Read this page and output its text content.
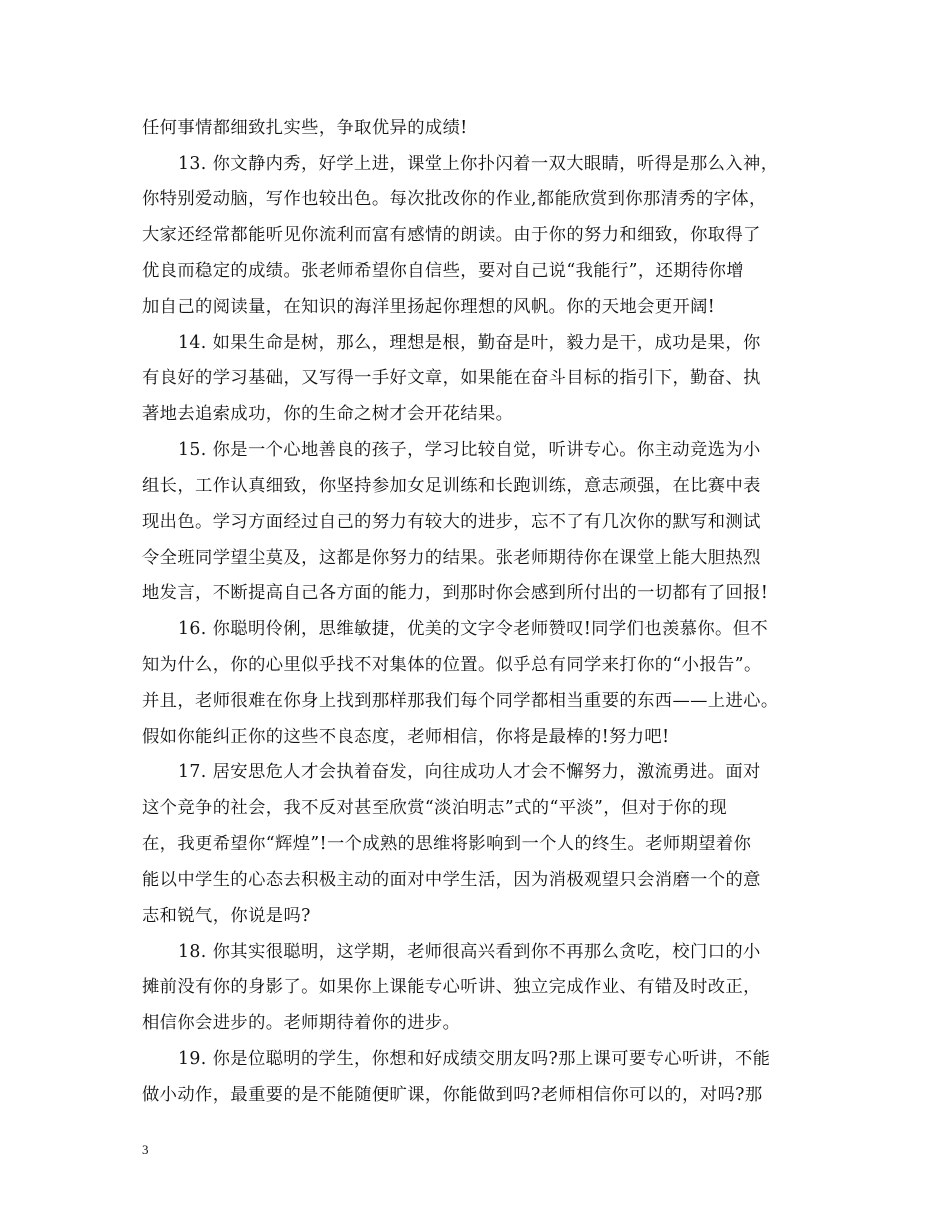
任何事情都细致扎实些，争取优异的成绩!
13. 你文静内秀，好学上进，课堂上你扑闪着一双大眼睛，听得是那么入神，
你特别爱动脑，写作也较出色。每次批改你的作业,都能欣赏到你那清秀的字体，
大家还经常都能听见你流利而富有感情的朗读。由于你的努力和细致，你取得了
优良而稳定的成绩。张老师希望你自信些，要对自己说“我能行”，还期待你增
加自己的阅读量，在知识的海洋里扬起你理想的风帆。你的天地会更开阔!
14. 如果生命是树，那么，理想是根，勤奋是叶，毅力是干，成功是果，你
有良好的学习基础，又写得一手好文章，如果能在奋斗目标的指引下，勤奋、执
著地去追索成功，你的生命之树才会开花结果。
15. 你是一个心地善良的孩子，学习比较自觉，听讲专心。你主动竞选为小
组长，工作认真细致，你坚持参加女足训练和长跑训练，意志顽强，在比赛中表
现出色。学习方面经过自己的努力有较大的进步，忘不了有几次你的默写和测试
令全班同学望尘莫及，这都是你努力的结果。张老师期待你在课堂上能大胆热烈
地发言，不断提高自己各方面的能力，到那时你会感到所付出的一切都有了回报!
16. 你聪明伶俐，思维敏捷，优美的文字令老师赞叹!同学们也羡慕你。但不
知为什么，你的心里似乎找不对集体的位置。似乎总有同学来打你的“小报告”。
并且，老师很难在你身上找到那样那我们每个同学都相当重要的东西——上进心。
假如你能纠正你的这些不良态度，老师相信，你将是最棒的!努力吧!
17. 居安思危人才会执着奋发，向往成功人才会不懈努力，激流勇进。面对
这个竞争的社会，我不反对甚至欣赏“淡泊明志”式的“平淡”，但对于你的现
在，我更希望你“辉煌”!一个成熟的思维将影响到一个人的终生。老师期望着你
能以中学生的心态去积极主动的面对中学生活，因为消极观望只会消磨一个的意
志和锐气，你说是吗?
18. 你其实很聪明，这学期，老师很高兴看到你不再那么贪吃，校门口的小
摊前没有你的身影了。如果你上课能专心听讲、独立完成作业、有错及时改正，
相信你会进步的。老师期待着你的进步。
19. 你是位聪明的学生，你想和好成绩交朋友吗?那上课可要专心听讲，不能
做小动作，最重要的是不能随便旷课，你能做到吗?老师相信你可以的，对吗?那
3
